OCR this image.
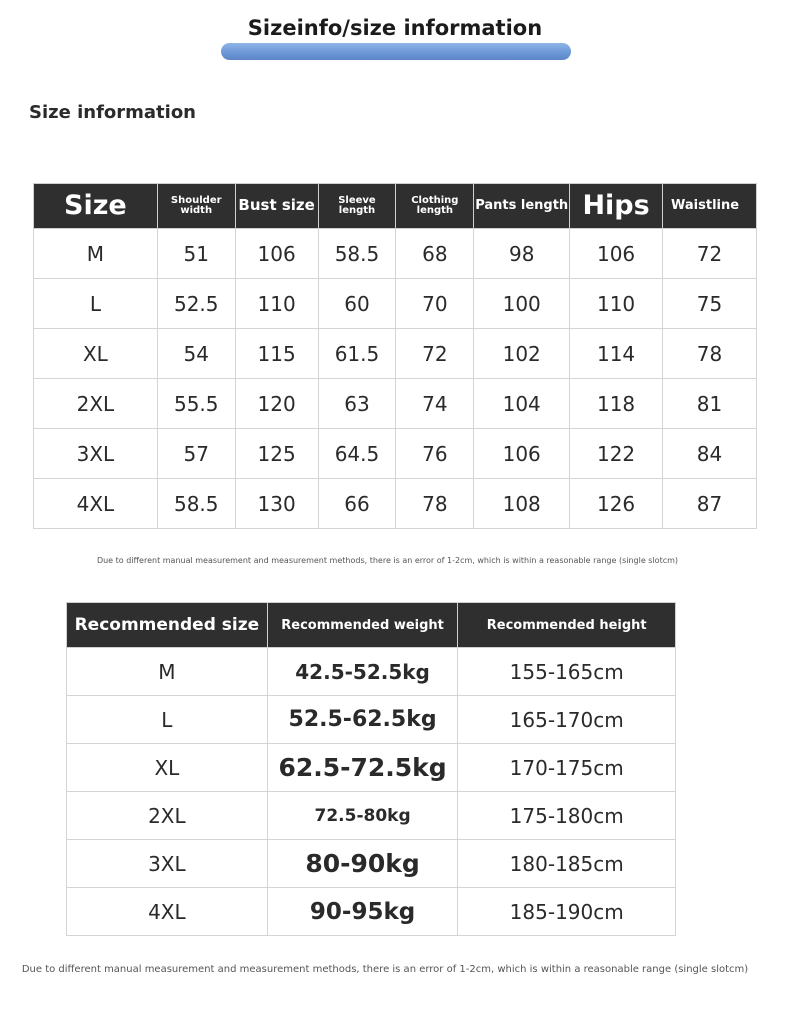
Sizeinfo/size information
Size information
Size	Shoulder width	Bust size	Sleeve length	Clothing length	Pants length	Hips	Waistline
M	51	106	58.5	68	98	106	72
L	52.5	110	60	70	100	110	75
XL	54	115	61.5	72	102	114	78
2XL	55.5	120	63	74	104	118	81
3XL	57	125	64.5	76	106	122	84
4XL	58.5	130	66	78	108	126	87
Due to different manual measurement and measurement methods, there is an error of 1-2cm, which is within a reasonable range (single slotcm)
Recommended size	Recommended weight	Recommended height
M	42.5-52.5kg	155-165cm
L	52.5-62.5kg	165-170cm
XL	62.5-72.5kg	170-175cm
2XL	72.5-80kg	175-180cm
3XL	80-90kg	180-185cm
4XL	90-95kg	185-190cm
Due to different manual measurement and measurement methods, there is an error of 1-2cm, which is within a reasonable range (single slotcm)
